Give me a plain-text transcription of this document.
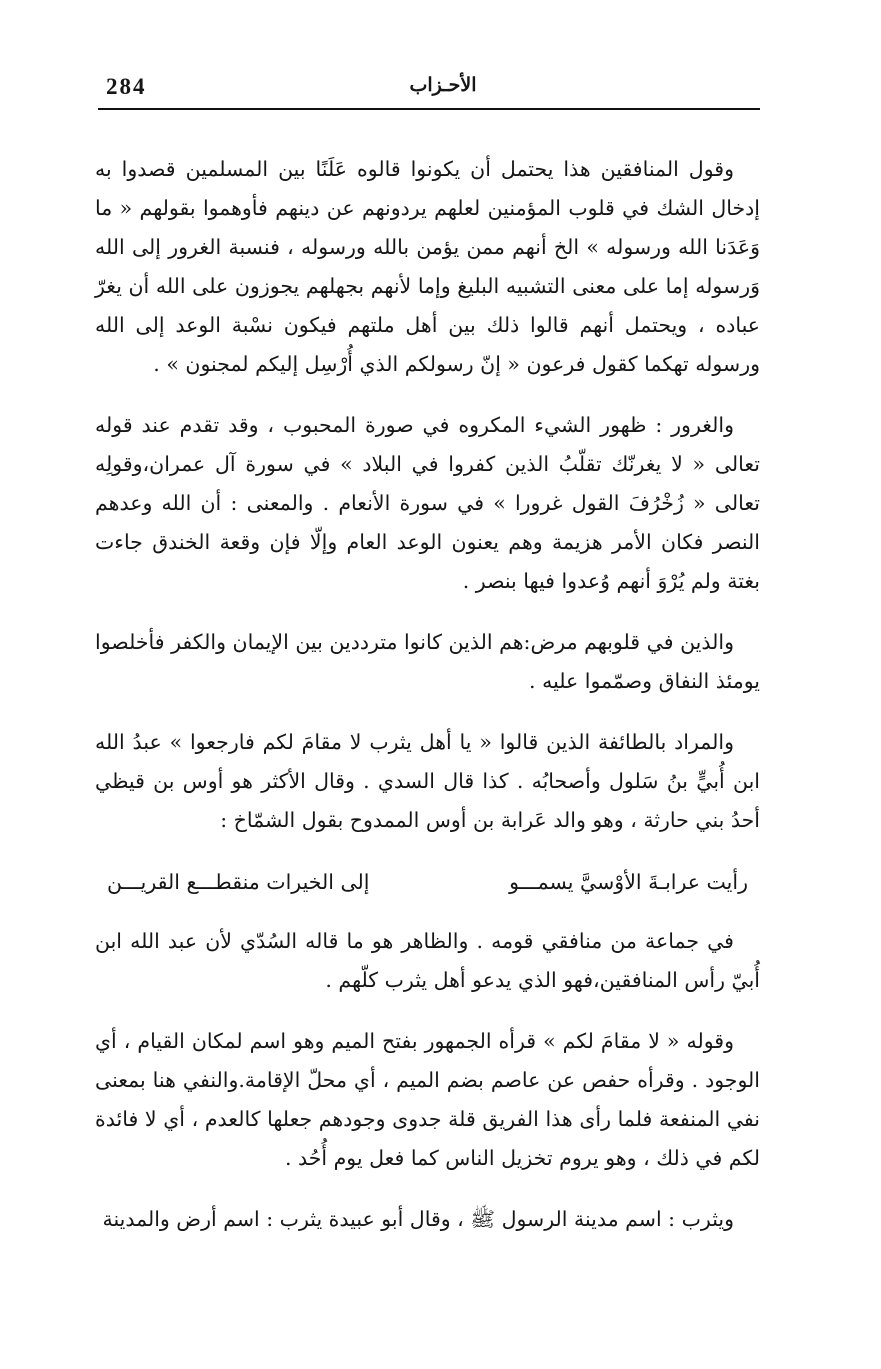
284	الأحـزاب

وقول المنافقين هذا يحتمل أن يكونوا قالوه عَلَنًا بين المسلمين قصدوا به إدخال الشك في قلوب المؤمنين لعلهم يردونهم عن دينهم فأوهموا بقولهم « ما وَعَدَنا الله ورسوله » الخ أنهم ممن يؤمن بالله ورسوله ، فنسبة الغرور إلى الله وَرسوله إما على معنى التشبيه البليغ وإما لأنهم بجهلهم يجوزون على الله أن يغرّ عباده ، ويحتمل أنهم قالوا ذلك بين أهل ملتهم فيكون نسْبة الوعد إلى الله ورسوله تهكما كقول فرعون « إنّ رسولكم الذي أُرْسِل إليكم لمجنون » .

والغرور : ظهور الشيء المكروه في صورة المحبوب ، وقد تقدم عند قوله تعالى « لا يغرنّك تقلّبُ الذين كفروا في البلاد » في سورة آل عمران،وقولِه تعالى « زُخْرُفَ القول غرورا » في سورة الأنعام . والمعنى : أن الله وعدهم النصر فكان الأمر هزيمة وهم يعنون الوعد العام وإلّا فإن وقعة الخندق جاءت بغتة ولم يُرْوَ أنهم وُعدوا فيها بنصر .

والذين في قلوبهم مرض:هم الذين كانوا مترددين بين الإيمان والكفر فأخلصوا يومئذ النفاق وصمّموا عليه .

والمراد بالطائفة الذين قالوا « يا أهل يثرب لا مقامَ لكم فارجعوا » عبدُ الله ابن أُبيٍّ بنُ سَلول وأصحابُه . كذا قال السدي . وقال الأكثر هو أوس بن قيظي أحدُ بني حارثة ، وهو والد عَرابة بن أوس الممدوح بقول الشمّاخ :

رأيت عرابـةَ الأوْسيَّ يسمـــو
إلى الخيرات منقطـــع القريـــن

في جماعة من منافقي قومه . والظاهر هو ما قاله السُدّي لأن عبد الله ابن أُبيّ رأس المنافقين،فهو الذي يدعو أهل يثرب كلّهم .

وقوله « لا مقامَ لكم » قرأه الجمهور بفتح الميم وهو اسم لمكان القيام ، أي الوجود . وقرأه حفص عن عاصم بضم الميم ، أي محلّ الإقامة.والنفي هنا بمعنى نفي المنفعة فلما رأى هذا الفريق قلة جدوى وجودهم جعلها كالعدم ، أي لا فائدة لكم في ذلك ، وهو يروم تخزيل الناس كما فعل يوم أُحُد .

ويثرب : اسم مدينة الرسول ﷺ ، وقال أبو عبيدة يثرب : اسم أرض والمدينة
